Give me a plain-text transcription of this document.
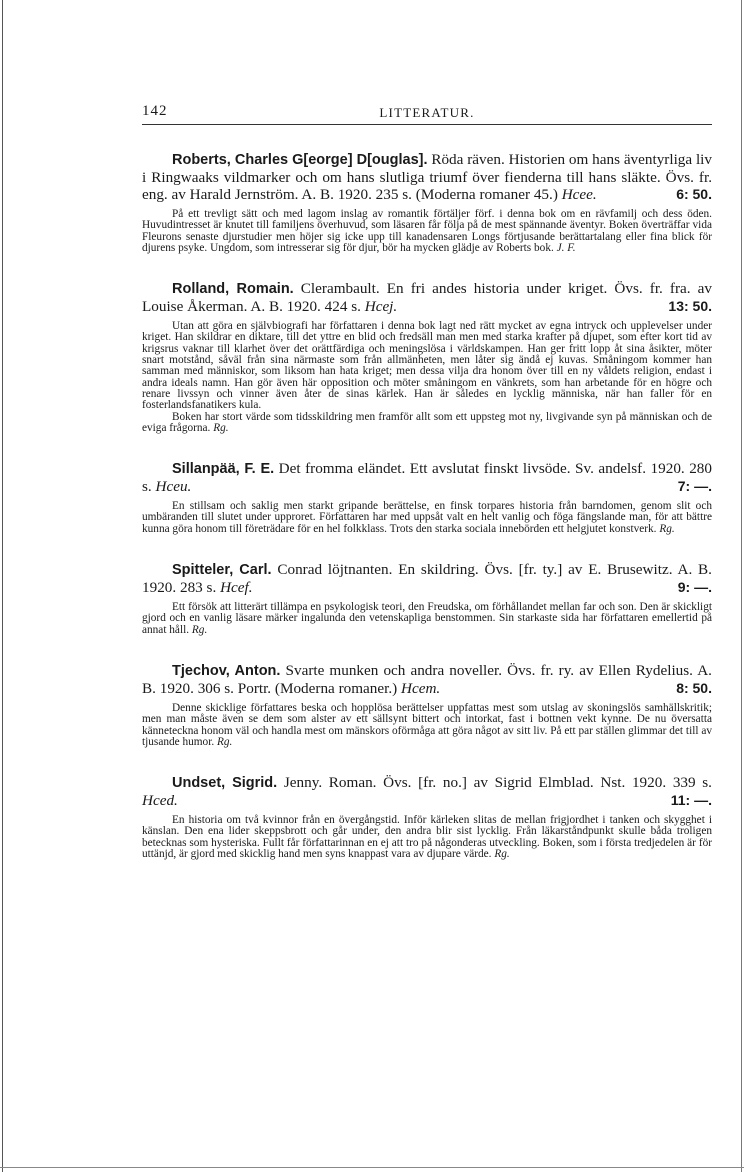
142	LITTERATUR.

Roberts, Charles G[eorge] D[ouglas]. Röda räven. Historien om hans äventyrliga liv i Ringwaaks vildmarker och om hans slutliga triumf över fienderna till hans släkte. Övs. fr. eng. av Harald Jernström. A. B. 1920. 235 s. (Moderna romaner 45.) Hcee.	6: 50.

På ett trevligt sätt och med lagom inslag av romantik förtäljer förf. i denna bok om en rävfamilj och dess öden. Huvudintresset är knutet till familjens överhuvud, som läsaren får följa på de mest spännande äventyr. Boken överträffar vida Fleurons senaste djurstudier men höjer sig icke upp till kanadensaren Longs förtjusande berättartalang eller fina blick för djurens psyke. Ungdom, som intresserar sig för djur, bör ha mycken glädje av Roberts bok. J. F.

Rolland, Romain. Clerambault. En fri andes historia under kriget. Övs. fr. fra. av Louise Åkerman. A. B. 1920. 424 s. Hcej.	13: 50.

Utan att göra en självbiografi har författaren i denna bok lagt ned rätt mycket av egna intryck och upplevelser under kriget. Han skildrar en diktare, till det yttre en blid och fredsäll man men med starka krafter på djupet, som efter kort tid av krigsrus vaknar till klarhet över det orättfärdiga och meningslösa i världskampen. Han ger fritt lopp åt sina åsikter, möter snart motstånd, såväl från sina närmaste som från allmänheten, men låter sig ändå ej kuvas. Småningom kommer han samman med människor, som liksom han hata kriget; men dessa vilja dra honom över till en ny våldets religion, endast i andra ideals namn. Han gör även här opposition och möter småningom en vänkrets, som han arbetande för en högre och renare livssyn och vinner även åter de sinas kärlek. Han är således en lycklig människa, när han faller för en fosterlandsfanatikers kula.

Boken har stort värde som tidsskildring men framför allt som ett uppsteg mot ny, livgivande syn på människan och de eviga frågorna. Rg.

Sillanpää, F. E. Det fromma eländet. Ett avslutat finskt livsöde. Sv. andelsf. 1920. 280 s. Hceu.	7: —.

En stillsam och saklig men starkt gripande berättelse, en finsk torpares historia från barndomen, genom slit och umbäranden till slutet under upproret. Författaren har med uppsåt valt en helt vanlig och föga fängslande man, för att bättre kunna göra honom till företrädare för en hel folkklass. Trots den starka sociala innebörden ett helgjutet konstverk. Rg.

Spitteler, Carl. Conrad löjtnanten. En skildring. Övs. [fr. ty.] av E. Brusewitz. A. B. 1920. 283 s. Hcef.	9: —.

Ett försök att litterärt tillämpa en psykologisk teori, den Freudska, om förhållandet mellan far och son. Den är skickligt gjord och en vanlig läsare märker ingalunda den vetenskapliga benstommen. Sin starkaste sida har författaren emellertid på annat håll. Rg.

Tjechov, Anton. Svarte munken och andra noveller. Övs. fr. ry. av Ellen Rydelius. A. B. 1920. 306 s. Portr. (Moderna romaner.) Hcem.	8: 50.

Denne skicklige författares beska och hopplösa berättelser uppfattas mest som utslag av skoningslös samhällskritik; men man måste även se dem som alster av ett sällsynt bittert och intorkat, fast i bottnen vekt kynne. De nu översatta kännetecknа honom väl och handla mest om mänskors oförmåga att göra något av sitt liv. På ett par ställen glimmar det till av tjusande humor. Rg.

Undset, Sigrid. Jenny. Roman. Övs. [fr. no.] av Sigrid Elmblad. Nst. 1920. 339 s. Hced.	11: —.

En historia om två kvinnor från en övergångstid. Inför kärleken slitas de mellan frigjordhet i tanken och skygghet i känslan. Den ena lider skeppsbrott och går under, den andra blir sist lycklig. Från läkarståndpunkt skulle båda troligen betecknas som hysteriska. Fullt får författarinnan en ej att tro på någonderas utveckling. Boken, som i första tredjedelen är för uttänjd, är gjord med skicklig hand men syns knappast vara av djupare värde. Rg.
